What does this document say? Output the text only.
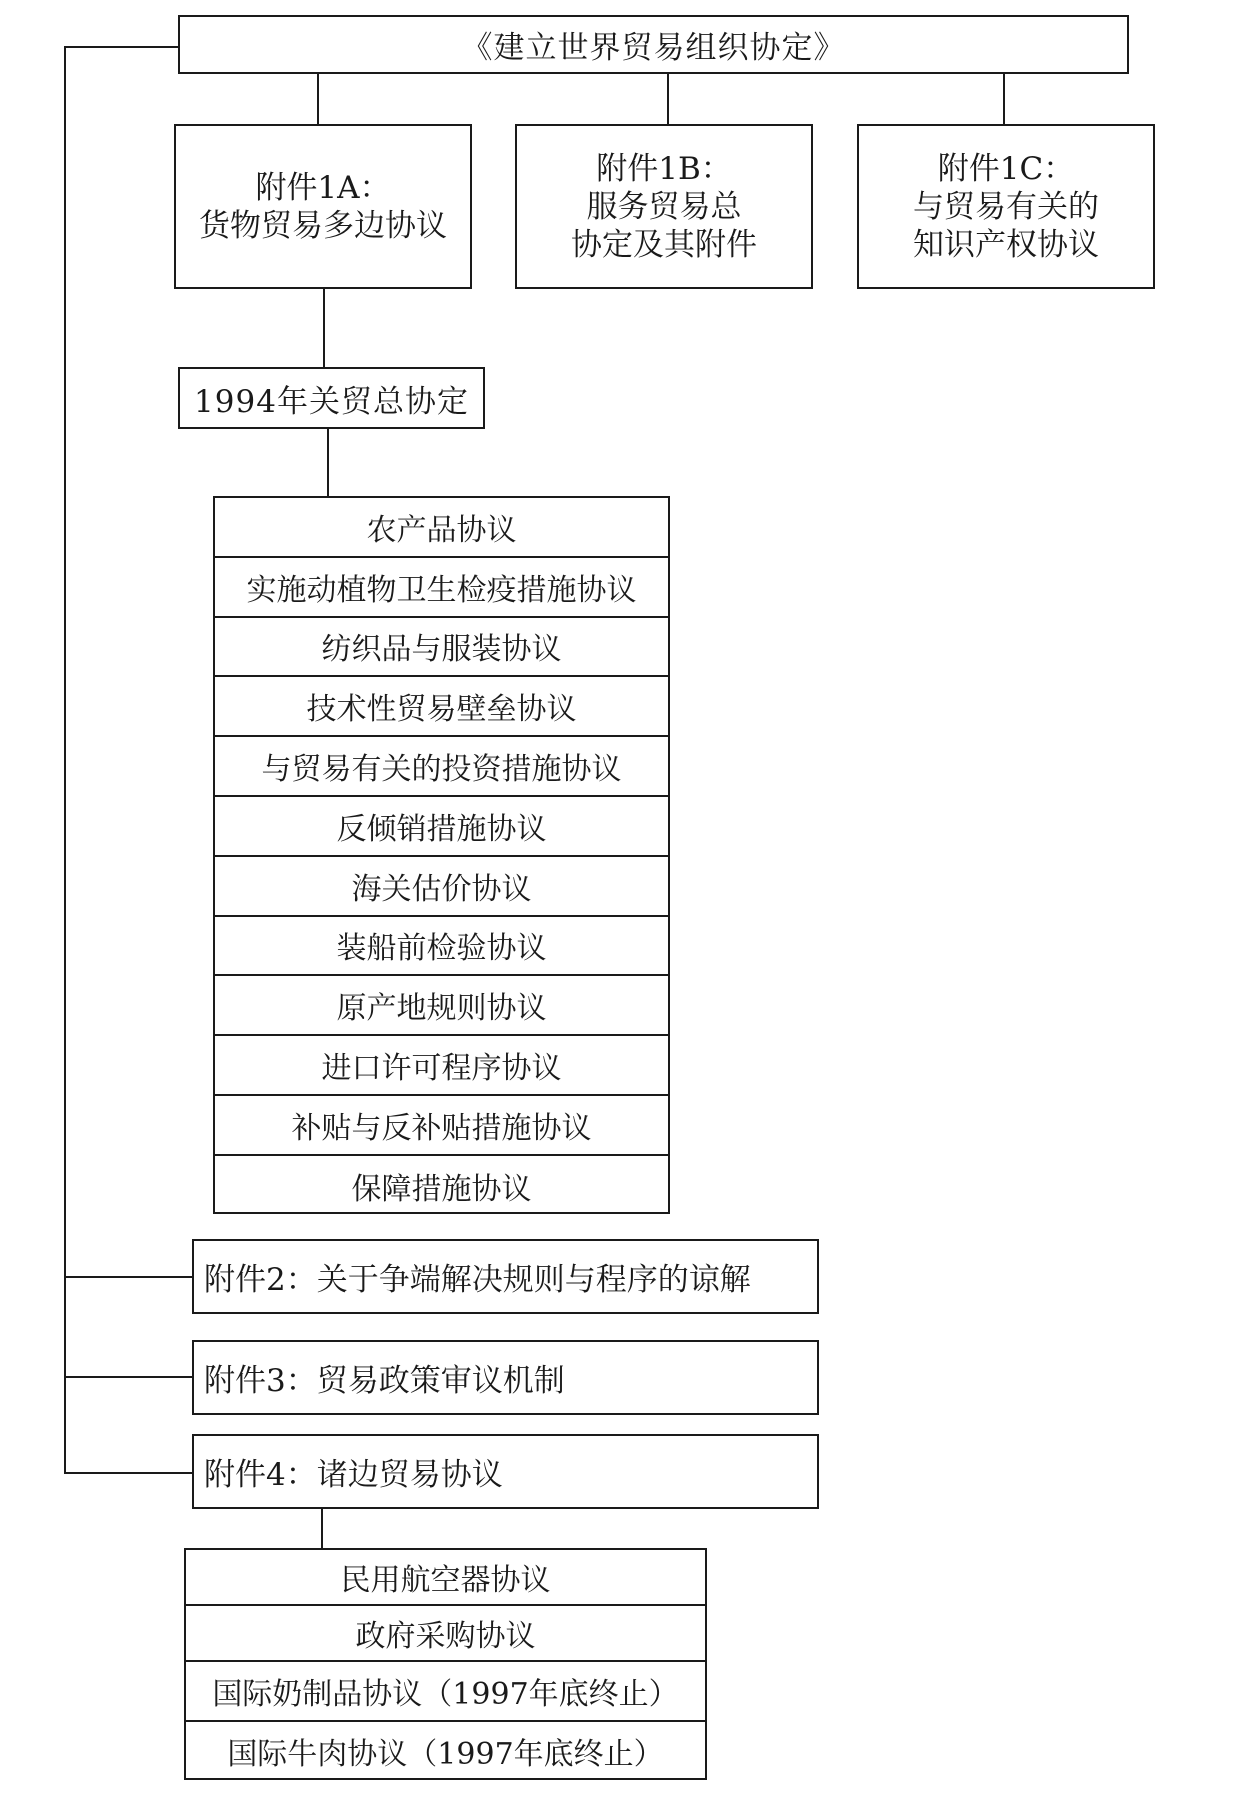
《建立世界贸易组织协定》
附件1A：
货物贸易多边协议
附件1B：
服务贸易总
协定及其附件
附件1C：
与贸易有关的
知识产权协议
1994年关贸总协定
农产品协议
实施动植物卫生检疫措施协议
纺织品与服装协议
技术性贸易壁垒协议
与贸易有关的投资措施协议
反倾销措施协议
海关估价协议
装船前检验协议
原产地规则协议
进口许可程序协议
补贴与反补贴措施协议
保障措施协议
附件2：关于争端解决规则与程序的谅解
附件3：贸易政策审议机制
附件4：诸边贸易协议
民用航空器协议
政府采购协议
国际奶制品协议（1997年底终止）
国际牛肉协议（1997年底终止）
